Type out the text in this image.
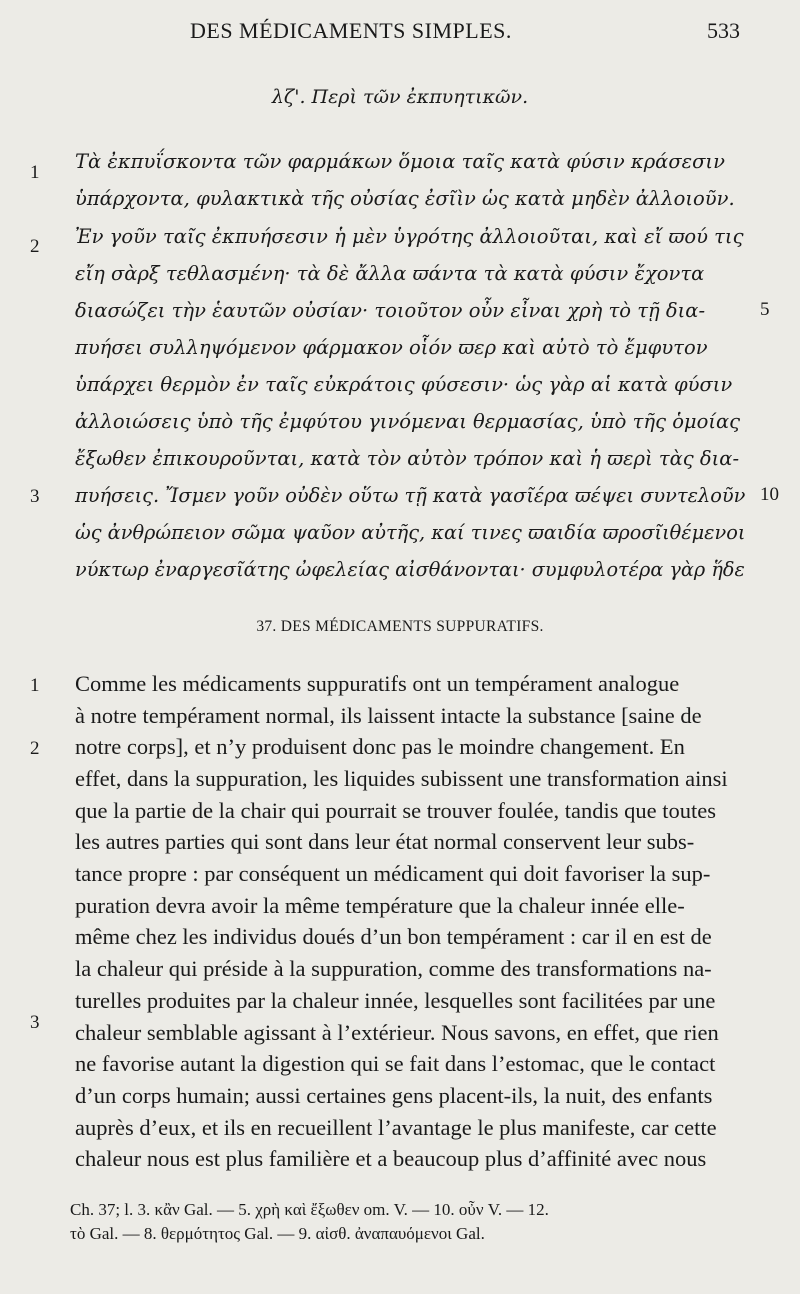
DES MÉDICAMENTS SIMPLES.	533
λζ'. Περὶ τῶν ἐκπυητικῶν.
Τὰ ἐκπυΐσκοντα τῶν φαρμάκων ὅμοια ταῖς κατὰ φύσιν κράσεσιν
ὑπάρχοντα, φυλακτικὰ τῆς οὐσίας ἐσῖὶν ὡς κατὰ μηδὲν ἀλλοιοῦν.
Ἐν γοῦν ταῖς ἐκπυήσεσιν ἡ μὲν ὑγρότης ἀλλοιοῦται, καὶ εἴ ϖού τις
εἴη σὰρξ τεθλασμένη· τὰ δὲ ἄλλα ϖάντα τὰ κατὰ φύσιν ἔχοντα
διασώζει τὴν ἑαυτῶν οὐσίαν· τοιοῦτον οὖν εἶναι χρὴ τὸ τῇ δια-
πυήσει συλληψόμενον φάρμακον οἷόν ϖερ καὶ αὐτὸ τὸ ἔμφυτον
ὑπάρχει θερμὸν ἐν ταῖς εὐκράτοις φύσεσιν· ὡς γὰρ αἱ κατὰ φύσιν
ἀλλοιώσεις ὑπὸ τῆς ἐμφύτου γινόμεναι θερμασίας, ὑπὸ τῆς ὁμοίας
ἔξωθεν ἐπικουροῦνται, κατὰ τὸν αὐτὸν τρόπον καὶ ἡ ϖερὶ τὰς δια-
πυήσεις. Ἴσμεν γοῦν οὐδὲν οὕτω τῇ κατὰ γασῖέρα ϖέψει συντελοῦν
ὡς ἀνθρώπειον σῶμα ψαῦον αὐτῆς, καί τινες ϖαιδία ϖροσῖιθέμενοι
νύκτωρ ἐναργεσῖάτης ὠφελείας αἰσθάνονται· συμφυλοτέρα γὰρ ἥδε
1
2
3
5
10
37. DES MÉDICAMENTS SUPPURATIFS.
Comme les médicaments suppuratifs ont un tempérament analogue
à notre tempérament normal, ils laissent intacte la substance [saine de
notre corps], et n’y produisent donc pas le moindre changement. En
effet, dans la suppuration, les liquides subissent une transformation ainsi
que la partie de la chair qui pourrait se trouver foulée, tandis que toutes
les autres parties qui sont dans leur état normal conservent leur subs-
tance propre : par conséquent un médicament qui doit favoriser la sup-
puration devra avoir la même température que la chaleur innée elle-
même chez les individus doués d’un bon tempérament : car il en est de
la chaleur qui préside à la suppuration, comme des transformations na-
turelles produites par la chaleur innée, lesquelles sont facilitées par une
chaleur semblable agissant à l’extérieur. Nous savons, en effet, que rien
ne favorise autant la digestion qui se fait dans l’estomac, que le contact
d’un corps humain; aussi certaines gens placent-ils, la nuit, des enfants
auprès d’eux, et ils en recueillent l’avantage le plus manifeste, car cette
chaleur nous est plus familière et a beaucoup plus d’affinité avec nous
1
2
3
Ch. 37; l. 3. κἂν Gal. — 5. χρὴ καὶ ἔξωθεν om. V. — 10. οὖν V. — 12.
τὸ Gal. — 8. θερμότητος Gal. — 9. αἰσθ. ἀναπαυόμενοι Gal.
